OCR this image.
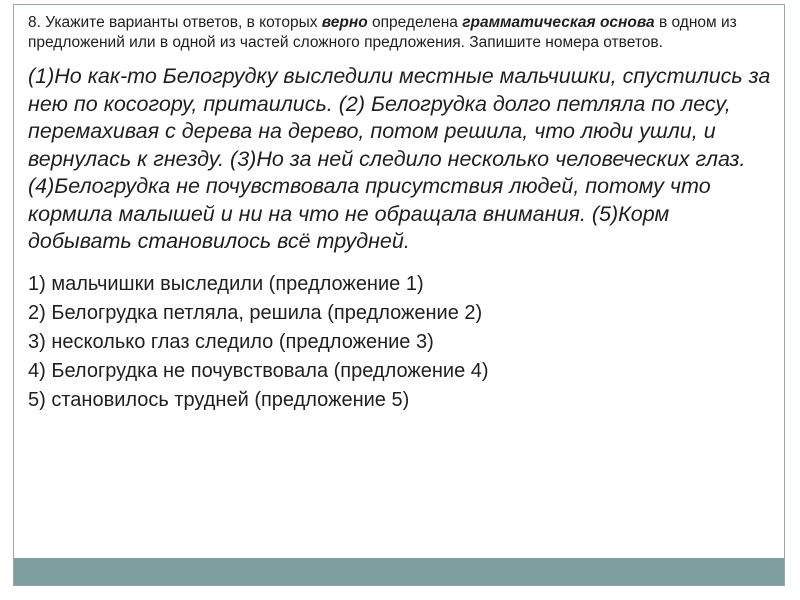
8. Укажите варианты ответов, в которых верно определена грамматическая основа в одном из предложений или в одной из частей сложного предложения. Запишите номера ответов.

(1)Но как-то Белогрудку выследили местные мальчишки, спустились за нею по косогору, притаились. (2) Белогрудка долго петляла по лесу, перемахивая с дерева на дерево, потом решила, что люди ушли, и вернулась к гнезду. (3)Но за ней следило несколько человеческих глаз. (4)Белогрудка не почувствовала присутствия людей, потому что кормила малышей и ни на что не обращала внимания. (5)Корм добывать становилось всё трудней.

1) мальчишки выследили (предложение 1)
2) Белогрудка петляла, решила (предложение 2)
3) несколько глаз следило (предложение 3)
4) Белогрудка не почувствовала (предложение 4)
5) становилось трудней (предложение 5)
